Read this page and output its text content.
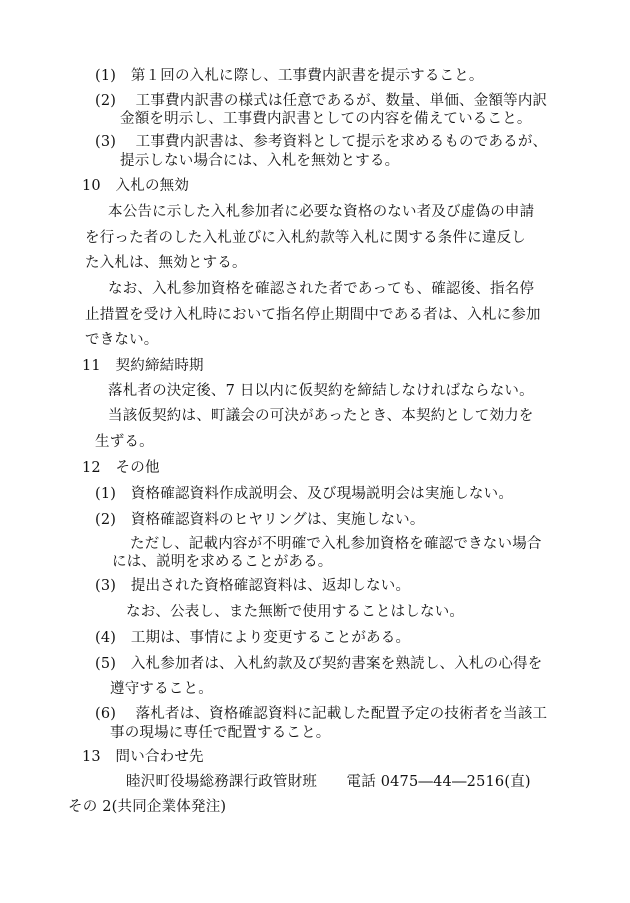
(1)　第１回の入札に際し、工事費内訳書を提示すること。
(2)　 工事費内訳書の様式は任意であるが、数量、単価、金額等内訳
金額を明示し、工事費内訳書としての内容を備えていること。
(3)　 工事費内訳書は、参考資料として提示を求めるものであるが、
提示しない場合には、入札を無効とする。
10　入札の無効
本公告に示した入札参加者に必要な資格のない者及び虚偽の申請
を行った者のした入札並びに入札約款等入札に関する条件に違反し
た入札は、無効とする。
なお、入札参加資格を確認された者であっても、確認後、指名停
止措置を受け入札時において指名停止期間中である者は、入札に参加
できない。
11　契約締結時期
落札者の決定後、7 日以内に仮契約を締結しなければならない。
当該仮契約は、町議会の可決があったとき、本契約として効力を
生ずる。
12　その他
(1)　資格確認資料作成説明会、及び現場説明会は実施しない。
(2)　資格確認資料のヒヤリングは、実施しない。
ただし、記載内容が不明確で入札参加資格を確認できない場合
には、説明を求めることがある。
(3)　提出された資格確認資料は、返却しない。
なお、公表し、また無断で使用することはしない。
(4)　工期は、事情により変更することがある。
(5)　入札参加者は、入札約款及び契約書案を熟読し、入札の心得を
遵守すること。
(6)　 落札者は、資格確認資料に記載した配置予定の技術者を当該工
事の現場に専任で配置すること。
13　問い合わせ先
睦沢町役場総務課行政管財班　　電話 0475―44―2516(直)
その 2(共同企業体発注)
